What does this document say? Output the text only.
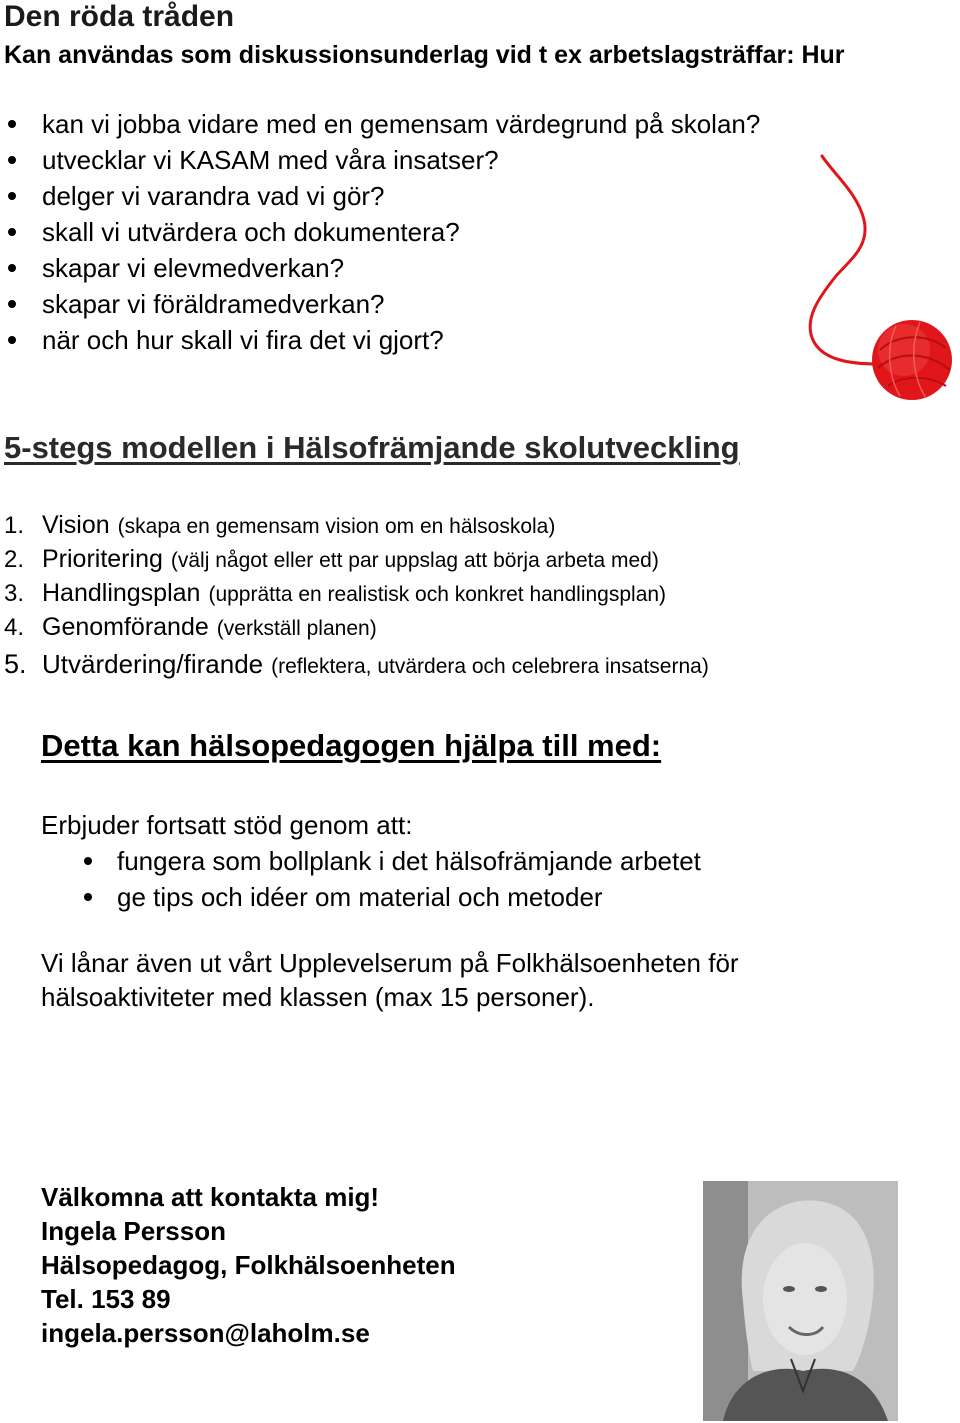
Den röda tråden
Kan användas som diskussionsunderlag vid t ex arbetslagsträffar: Hur
kan vi jobba vidare med en gemensam värdegrund på skolan?
utvecklar vi KASAM med våra insatser?
delger vi varandra vad vi gör?
skall vi utvärdera och dokumentera?
skapar vi elevmedverkan?
skapar vi föräldramedverkan?
när och hur skall vi fira det vi gjort?
5-stegs modellen i Hälsofrämjande skolutveckling
1. Vision (skapa en gemensam vision om en hälsoskola)
2. Prioritering (välj något eller ett par uppslag att börja arbeta med)
3. Handlingsplan (upprätta en realistisk och konkret handlingsplan)
4. Genomförande (verkställ planen)
5. Utvärdering/firande (reflektera, utvärdera och celebrera insatserna)
Detta kan hälsopedagogen hjälpa till med:
Erbjuder fortsatt stöd genom att:
fungera som bollplank i det hälsofrämjande arbetet
ge tips och idéer om material och metoder
Vi lånar även ut vårt Upplevelserum på Folkhälsoenheten för hälsoaktiviteter med klassen (max 15 personer).
Välkomna att kontakta mig!
Ingela Persson
Hälsopedagog, Folkhälsoenheten
Tel. 153 89
ingela.persson@laholm.se
